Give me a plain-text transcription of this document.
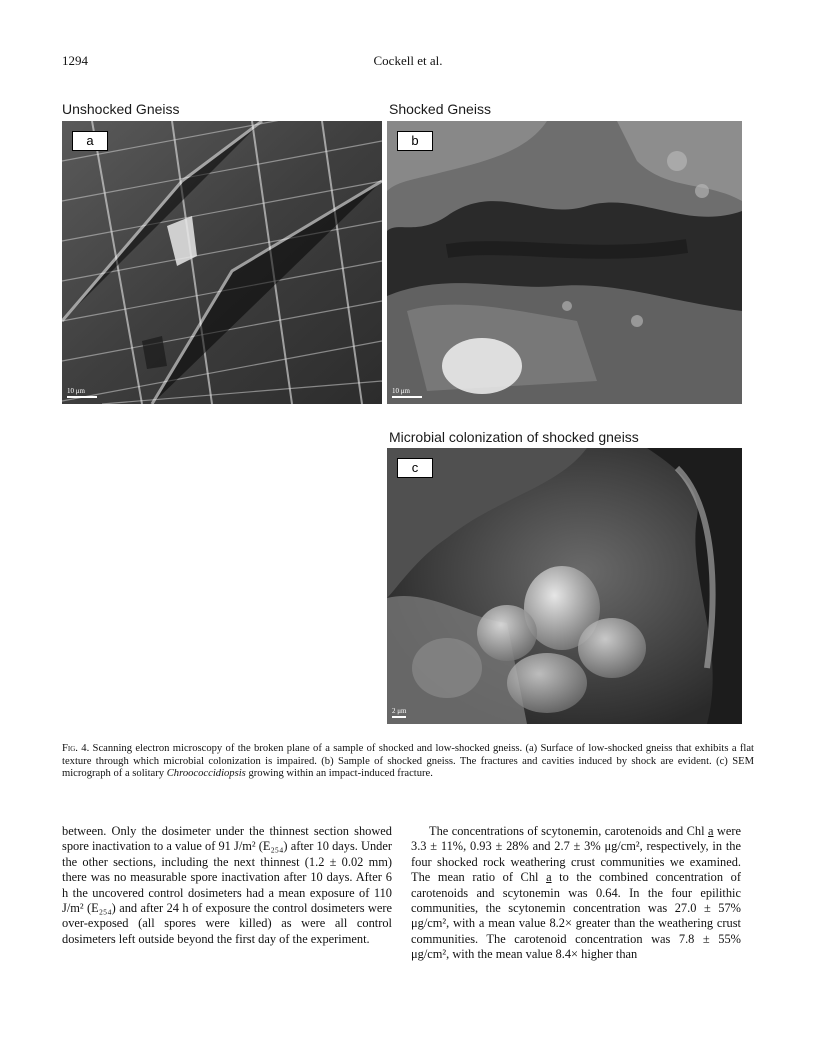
1294	Cockell et al.
Unshocked Gneiss
a
10 μm
Shocked Gneiss
b
10 μm
Microbial colonization of shocked gneiss
c
2 μm
Fig. 4. Scanning electron microscopy of the broken plane of a sample of shocked and low-shocked gneiss. (a) Surface of low-shocked gneiss that exhibits a flat texture through which microbial colonization is impaired. (b) Sample of shocked gneiss. The fractures and cavities induced by shock are evident. (c) SEM micrograph of a solitary Chroococcidiopsis growing within an impact-induced fracture.

between. Only the dosimeter under the thinnest section showed spore inactivation to a value of 91 J/m² (E₂₅₄) after 10 days. Under the other sections, including the next thinnest (1.2 ± 0.02 mm) there was no measurable spore inactivation after 10 days. After 6 h the uncovered control dosimeters had a mean exposure of 110 J/m² (E₂₅₄) and after 24 h of exposure the control dosimeters were over-exposed (all spores were killed) as were all control dosimeters left outside beyond the first day of the experiment.

The concentrations of scytonemin, carotenoids and Chl a were 3.3 ± 11%, 0.93 ± 28% and 2.7 ± 3% μg/cm², respectively, in the four shocked rock weathering crust communities we examined. The mean ratio of Chl a to the combined concentration of carotenoids and scytonemin was 0.64. In the four epilithic communities, the scytonemin concentration was 27.0 ± 57% μg/cm², with a mean value 8.2× greater than the weathering crust communities. The carotenoid concentration was 7.8 ± 55% μg/cm², with the mean value 8.4× higher than
